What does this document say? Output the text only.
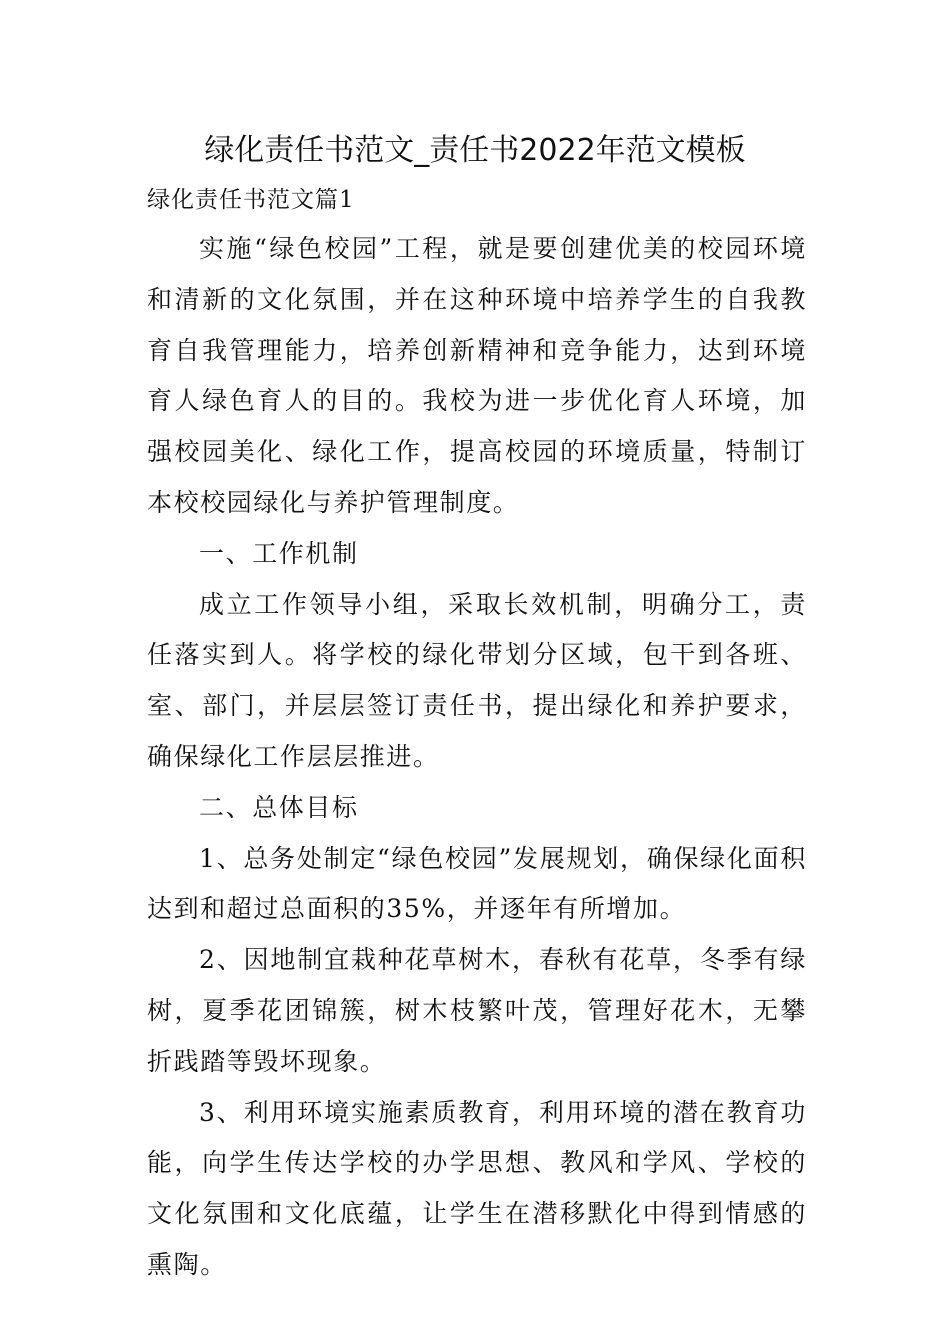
绿化责任书范文_责任书2022年范文模板
绿化责任书范文篇1

实施“绿色校园”工程，就是要创建优美的校园环境和清新的文化氛围，并在这种环境中培养学生的自我教育自我管理能力，培养创新精神和竞争能力，达到环境育人绿色育人的目的。我校为进一步优化育人环境，加强校园美化、绿化工作，提高校园的环境质量，特制订本校校园绿化与养护管理制度。

一、工作机制

成立工作领导小组，采取长效机制，明确分工，责任落实到人。将学校的绿化带划分区域，包干到各班、室、部门，并层层签订责任书，提出绿化和养护要求，确保绿化工作层层推进。

二、总体目标

1、总务处制定“绿色校园”发展规划，确保绿化面积达到和超过总面积的35%，并逐年有所增加。

2、因地制宜栽种花草树木，春秋有花草，冬季有绿树，夏季花团锦簇，树木枝繁叶茂，管理好花木，无攀折践踏等毁坏现象。

3、利用环境实施素质教育，利用环境的潜在教育功能，向学生传达学校的办学思想、教风和学风、学校的文化氛围和文化底蕴，让学生在潜移默化中得到情感的熏陶。
